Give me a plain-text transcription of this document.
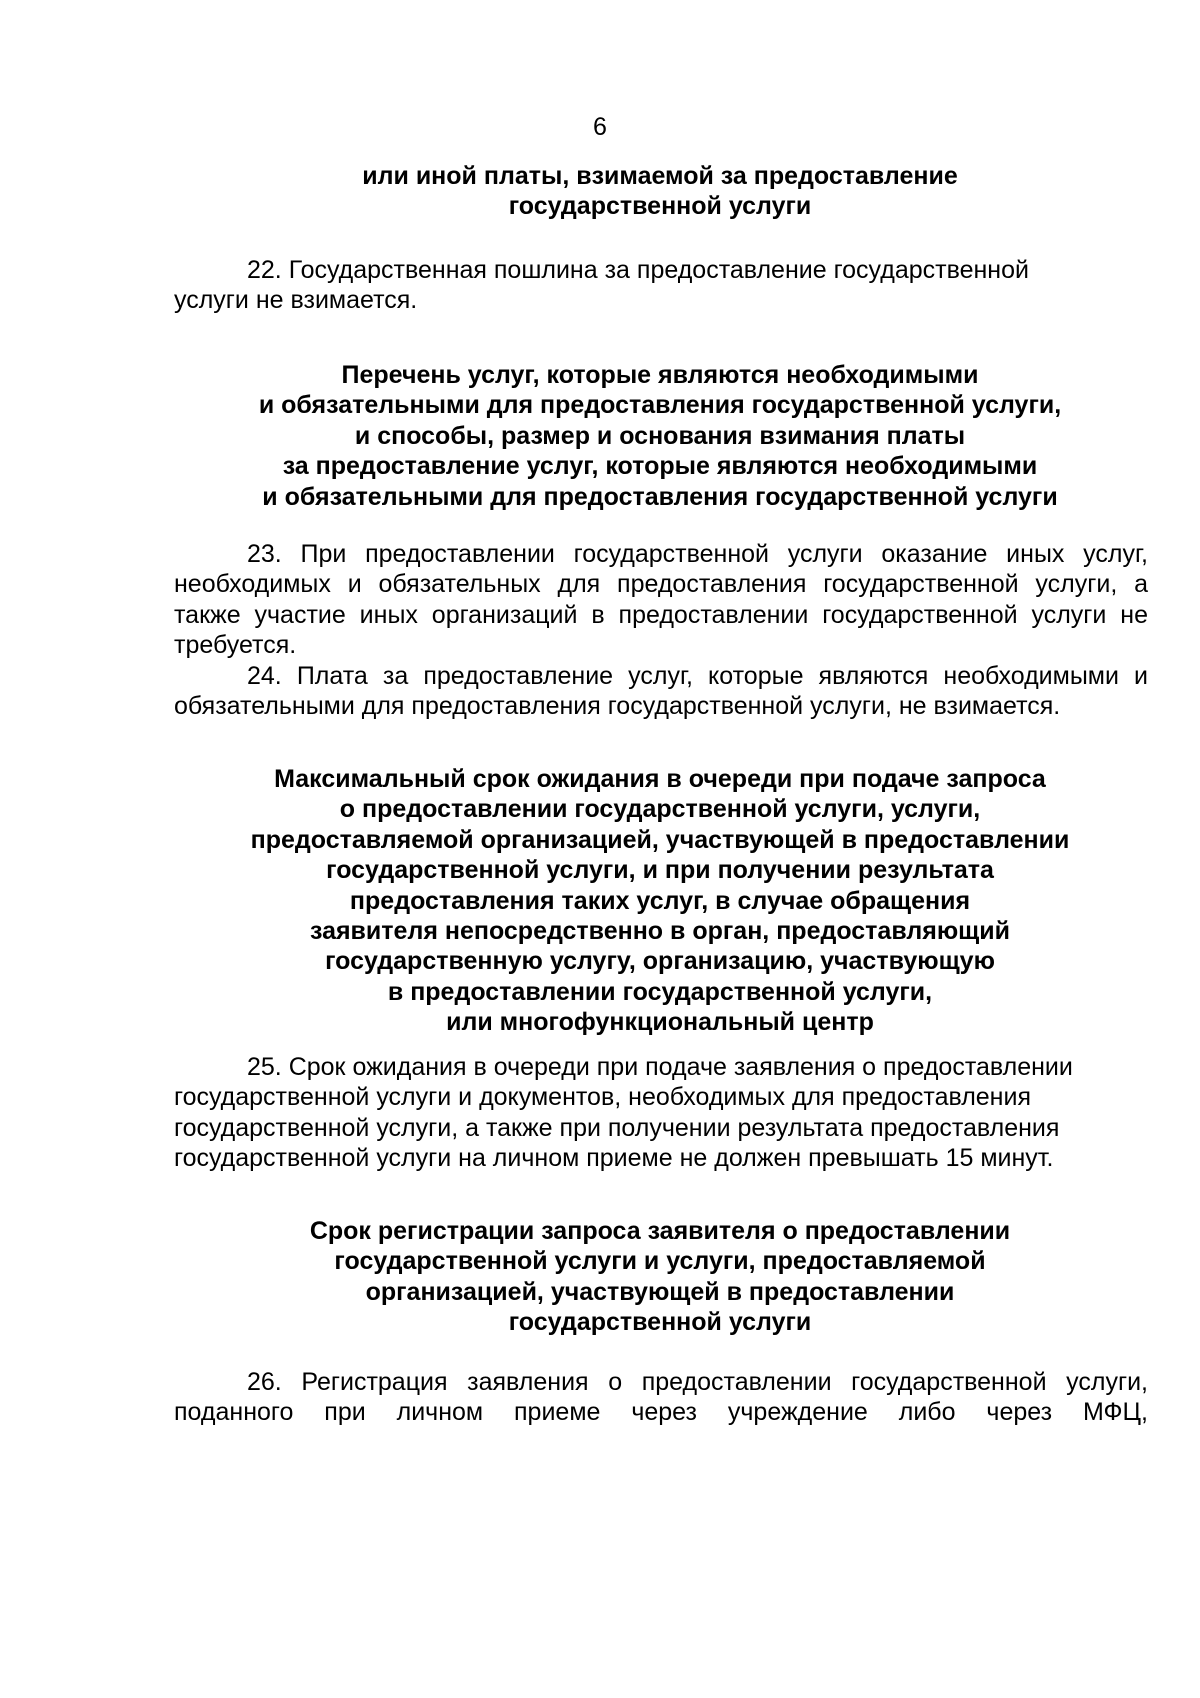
6
или иной платы, взимаемой за предоставление
государственной услуги
22. Государственная пошлина за предоставление государственной
услуги не взимается.
Перечень услуг, которые являются необходимыми
и обязательными для предоставления государственной услуги,
и способы, размер и основания взимания платы
за предоставление услуг, которые являются необходимыми
и обязательными для предоставления государственной услуги
23. При предоставлении государственной услуги оказание иных услуг,
необходимых и обязательных для предоставления государственной услуги, а
также участие иных организаций в предоставлении государственной услуги не
требуется.
24. Плата за предоставление услуг, которые являются необходимыми и
обязательными для предоставления государственной услуги, не взимается.
Максимальный срок ожидания в очереди при подаче запроса
о предоставлении государственной услуги, услуги,
предоставляемой организацией, участвующей в предоставлении
государственной услуги, и при получении результата
предоставления таких услуг, в случае обращения
заявителя непосредственно в орган, предоставляющий
государственную услугу, организацию, участвующую
в предоставлении государственной услуги,
или многофункциональный центр
25. Срок ожидания в очереди при подаче заявления о предоставлении
государственной услуги и документов, необходимых для предоставления
государственной услуги, а также при получении результата предоставления
государственной услуги на личном приеме не должен превышать 15 минут.
Срок регистрации запроса заявителя о предоставлении
государственной услуги и услуги, предоставляемой
организацией, участвующей в предоставлении
государственной услуги
26. Регистрация заявления о предоставлении государственной услуги,
поданного при личном приеме через учреждение либо через МФЦ,
